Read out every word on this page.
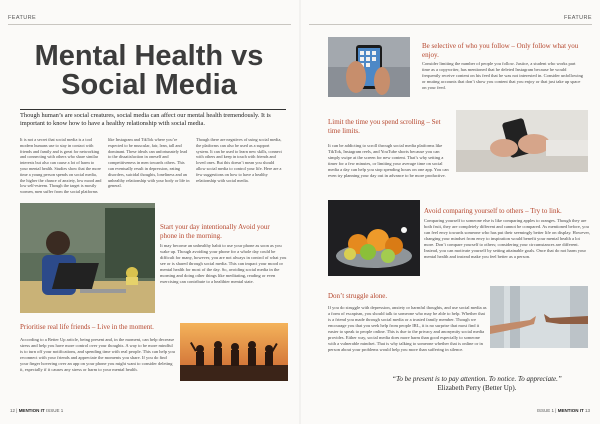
FEATURE	FEATURE
Mental Health vs
Social Media
Though human’s are social creatures, social media can affect our mental health tremendously. It is important to know how to have a healthy relationship with social media.
It is not a secret that social media is a tool modern humans use to stay in contact with friends and family and is great for networking and connecting with others who share similar interests but also can cause a lot of harm to your mental health. Studies show that the more time a young person spends on social media, the higher the chance of anxiety, low mood and low self-esteem. Though the target is mostly women, men suffer from the social platforms
like Instagram and TikTok where you’re expected to be muscular, fair, lean, tall and dominant. These ideals can unfortunately lead to the dissatisfaction in oneself and competitiveness in men towards others. This can eventually result in depression, eating disorders, suicidal thoughts, loneliness and an unhealthy relationship with your body or life in general.
Though there are negatives of using social media, the platforms can also be used as a support system. It can be used to learn new skills, connect with others and keep in touch with friends and loved ones. But this doesn’t mean you should allow social media to control your life. Here are a few suggestions on how to have a healthy relationship with social media.
Start your day intentionally Avoid your phone in the morning.
It may become an unhealthy habit to use your phone as soon as you wake up. Though avoiding your phone for a whole day could be difficult for many, however, you are not always in control of what you see or is shared through social media. This can impact your mood or mental health for most of the day. So, avoiding social media in the morning and doing other things like meditating, reading or even exercising can contribute to a healthier mental state.
Prioritise real life friends – Live in the moment.
According to a Better Up article, being present and, in the moment, can help decrease stress and help you have more control over your thoughts. A way to be more mindful is to turn off your notifications, and spending time with real people. This can help you reconnect with your friends and appreciate the moments you share. If you do find your finger hovering over an app on your phone you might want to consider deleting it, especially if it causes any stress or harm to your mental health.
Be selective of who you follow – Only follow what you enjoy.
Consider limiting the number of people you follow. Justice, a student who works part time as a copywriter, has mentioned that he deleted Instagram because he would frequently receive content on his feed that he was not interested in. Consider unfollowing or muting accounts that don’t show you content that you enjoy or that just take up space on your feed.
Limit the time you spend scrolling – Set time limits.
It can be addicting to scroll through social media platforms like TikTok, Instagram reels, and YouTube shorts because you can simply swipe at the screen for new content. That’s why setting a timer for a few minutes, or limiting your average time on social media a day can help you stop spending hours on one app. You can even try planning your day out in advance to be more productive.
Avoid comparing yourself to others – Try to link.
Comparing yourself to someone else is like comparing apples to oranges. Though they are both fruit, they are completely different and cannot be compared. As mentioned before, you can feel envy towards someone who has put their seemingly better life on display. However, changing your mindset from envy to inspiration would benefit your mental health a lot more. Don’t compare yourself to others; considering your circumstances are different. Instead, you can motivate yourself by setting attainable goals. Once that do not harm your mental health and instead make you feel better as a person.
Don’t struggle alone.
If you do struggle with depression, anxiety or harmful thoughts, and use social media as a form of escapism, you should talk to someone who may be able to help. Whether that is a friend you made through social media or a trusted family member. Though we encourage you that you seek help from people IRL, it is no surprise that most find it easier to speak to people online. This is due to the privacy and anonymity social media provides. Either way, social media does more harm than good especially to someone with a vulnerable mindset. That is why talking to someone whether that is online or in person about your problems would help you more than suffering in silence.
“To be present is to pay attention. To notice. To appreciate.”
Elizabeth Perry (Better Up).
12 | MENTION IT ISSUE 1	ISSUE 1 | MENTION IT 13
